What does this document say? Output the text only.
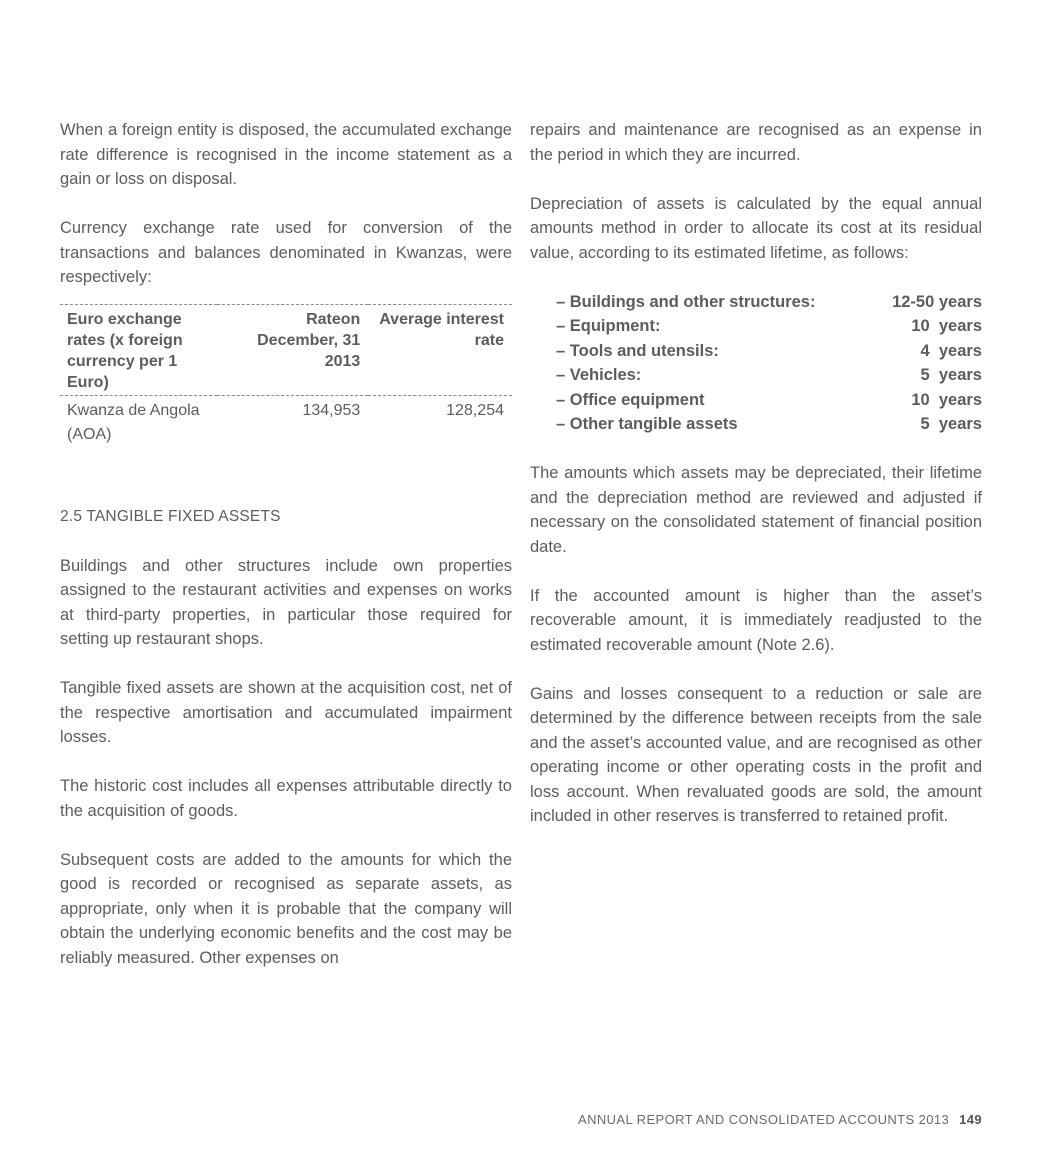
When a foreign entity is disposed, the accumulated exchange rate difference is recognised in the income statement as a gain or loss on disposal.

Currency exchange rate used for conversion of the transactions and balances denominated in Kwanzas, were respectively:

Euro exchange rates (x foreign currency per 1 Euro)	Rateon December, 31 2013	Average interest rate
Kwanza de Angola (AOA)	134,953	128,254
2.5 TANGIBLE FIXED ASSETS

Buildings and other structures include own properties assigned to the restaurant activities and expenses on works at third-party properties, in particular those required for setting up restaurant shops.

Tangible fixed assets are shown at the acquisition cost, net of the respective amortisation and accumulated impairment losses.

The historic cost includes all expenses attributable directly to the acquisition of goods.

Subsequent costs are added to the amounts for which the good is recorded or recognised as separate assets, as appropriate, only when it is probable that the company will obtain the underlying economic benefits and the cost may be reliably measured. Other expenses on

repairs and maintenance are recognised as an expense in the period in which they are incurred.

Depreciation of assets is calculated by the equal annual amounts method in order to allocate its cost at its residual value, according to its estimated lifetime, as follows:

– Buildings and other structures:	12-50 years
– Equipment:	10  years
– Tools and utensils:	4  years
– Vehicles:	5  years
– Office equipment	10  years
– Other tangible assets	5  years

The amounts which assets may be depreciated, their lifetime and the depreciation method are reviewed and adjusted if necessary on the consolidated statement of financial position date.

If the accounted amount is higher than the asset’s recoverable amount, it is immediately readjusted to the estimated recoverable amount (Note 2.6).

Gains and losses consequent to a reduction or sale are determined by the difference between receipts from the sale and the asset’s accounted value, and are recognised as other operating income or other operating costs in the profit and loss account. When revaluated goods are sold, the amount included in other reserves is transferred to retained profit.

ANNUAL REPORT AND CONSOLIDATED ACCOUNTS 2013 149
